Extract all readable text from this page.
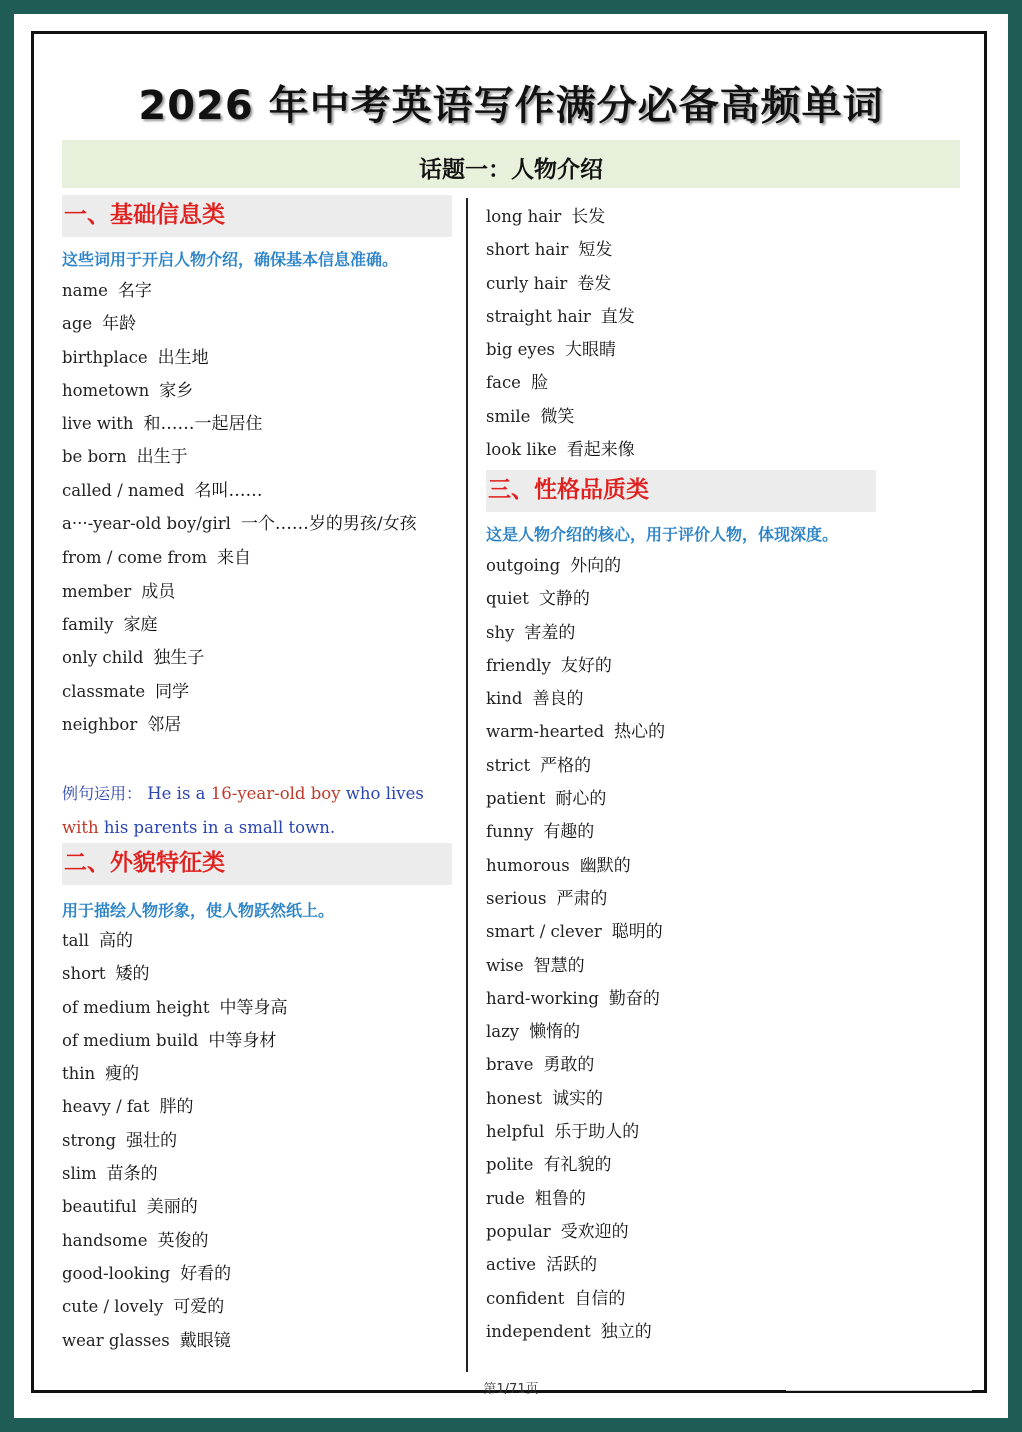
2026 年中考英语写作满分必备高频单词
话题一：人物介绍
一、基础信息类
这些词用于开启人物介绍，确保基本信息准确。
name 名字
age 年龄
birthplace 出生地
hometown 家乡
live with 和……一起居住
be born 出生于
called / named 名叫……
a···-year-old boy/girl 一个……岁的男孩/女孩
from / come from 来自
member 成员
family 家庭
only child 独生子
classmate 同学
neighbor 邻居
例句运用： He is a 16-year-old boy who lives with his parents in a small town.
二、外貌特征类
用于描绘人物形象，使人物跃然纸上。
tall 高的
short 矮的
of medium height 中等身高
of medium build 中等身材
thin 瘦的
heavy / fat 胖的
strong 强壮的
slim 苗条的
beautiful 美丽的
handsome 英俊的
good-looking 好看的
cute / lovely 可爱的
wear glasses 戴眼镜
long hair 长发
short hair 短发
curly hair 卷发
straight hair 直发
big eyes 大眼睛
face 脸
smile 微笑
look like 看起来像
三、性格品质类
这是人物介绍的核心，用于评价人物，体现深度。
outgoing 外向的
quiet 文静的
shy 害羞的
friendly 友好的
kind 善良的
warm-hearted 热心的
strict 严格的
patient 耐心的
funny 有趣的
humorous 幽默的
serious 严肃的
smart / clever 聪明的
wise 智慧的
hard-working 勤奋的
lazy 懒惰的
brave 勇敢的
honest 诚实的
helpful 乐于助人的
polite 有礼貌的
rude 粗鲁的
popular 受欢迎的
active 活跃的
confident 自信的
independent 独立的
第1/71页
